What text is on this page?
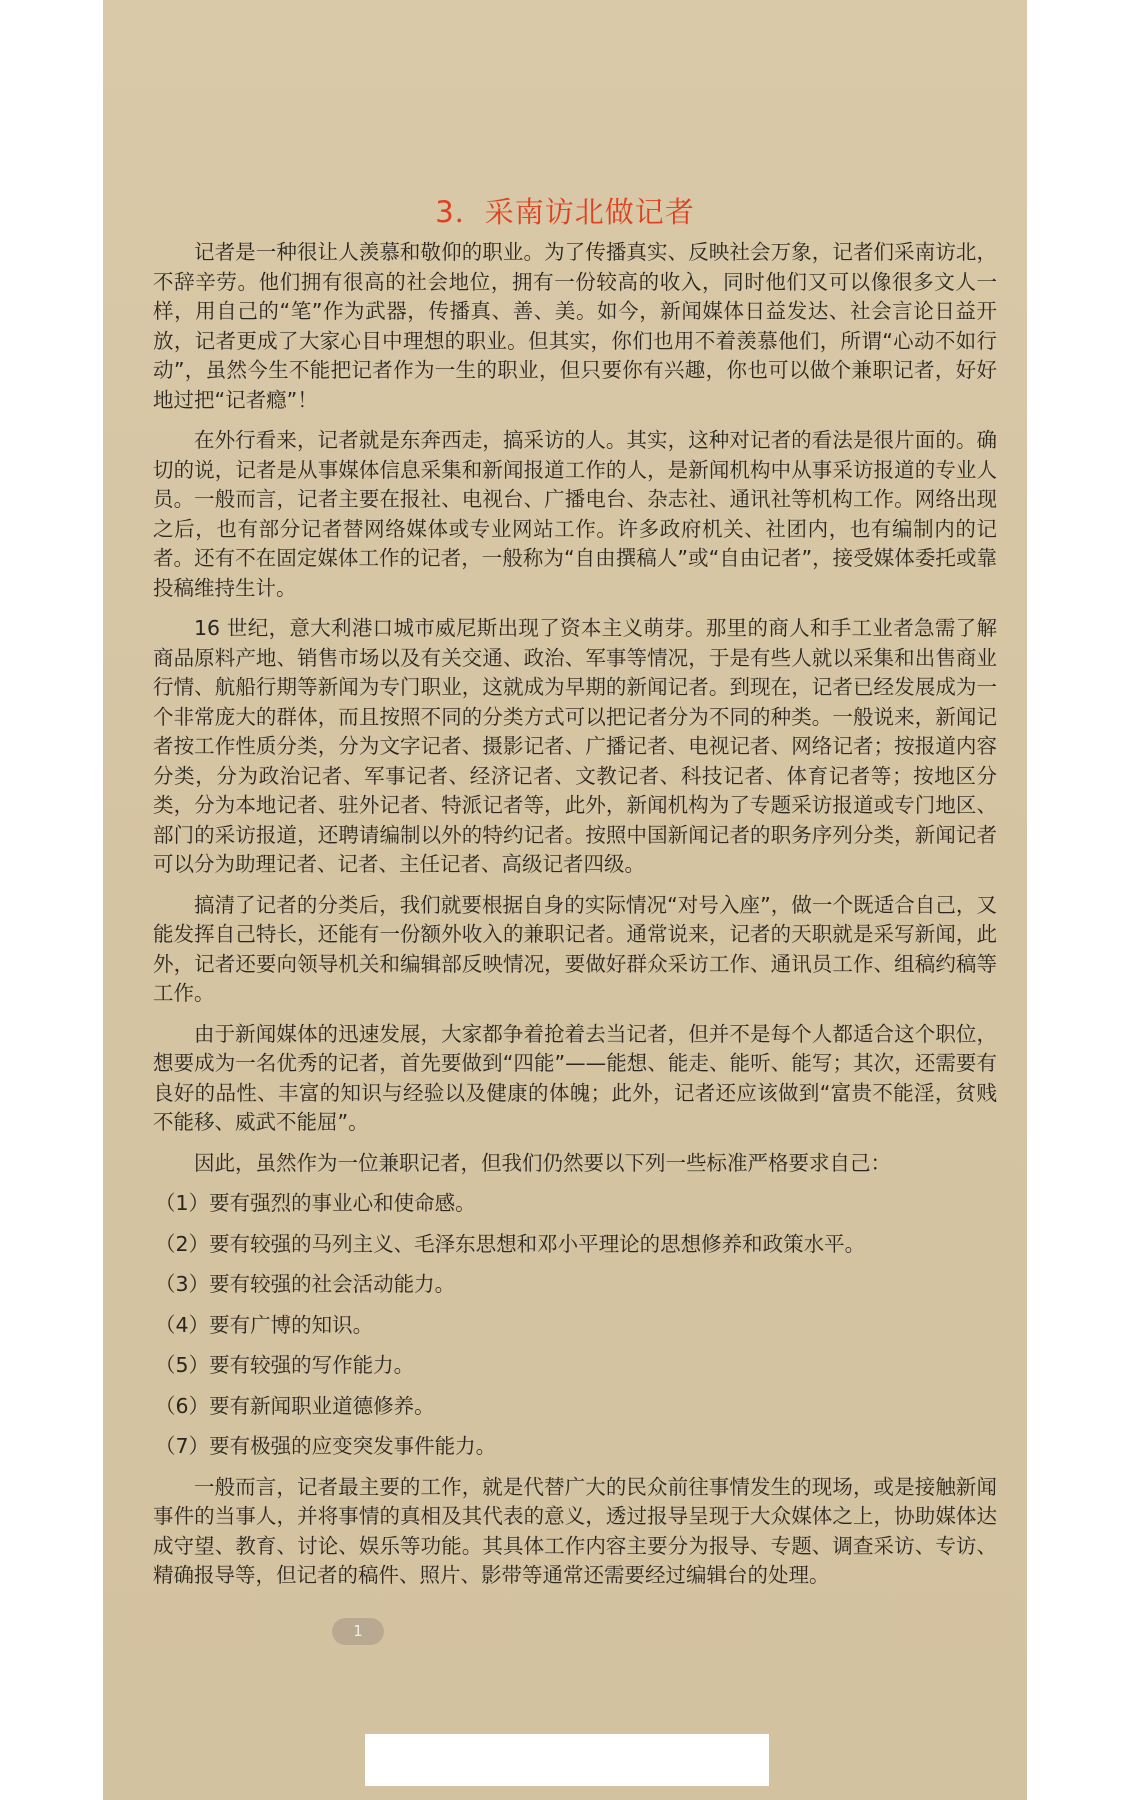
3．采南访北做记者

记者是一种很让人羡慕和敬仰的职业。为了传播真实、反映社会万象，记者们采南访北，不辞辛劳。他们拥有很高的社会地位，拥有一份较高的收入，同时他们又可以像很多文人一样，用自己的“笔”作为武器，传播真、善、美。如今，新闻媒体日益发达、社会言论日益开放，记者更成了大家心目中理想的职业。但其实，你们也用不着羡慕他们，所谓“心动不如行动”，虽然今生不能把记者作为一生的职业，但只要你有兴趣，你也可以做个兼职记者，好好地过把“记者瘾”！

在外行看来，记者就是东奔西走，搞采访的人。其实，这种对记者的看法是很片面的。确切的说，记者是从事媒体信息采集和新闻报道工作的人，是新闻机构中从事采访报道的专业人员。一般而言，记者主要在报社、电视台、广播电台、杂志社、通讯社等机构工作。网络出现之后，也有部分记者替网络媒体或专业网站工作。许多政府机关、社团内，也有编制内的记者。还有不在固定媒体工作的记者，一般称为“自由撰稿人”或“自由记者”，接受媒体委托或靠投稿维持生计。

16 世纪，意大利港口城市威尼斯出现了资本主义萌芽。那里的商人和手工业者急需了解商品原料产地、销售市场以及有关交通、政治、军事等情况，于是有些人就以采集和出售商业行情、航船行期等新闻为专门职业，这就成为早期的新闻记者。到现在，记者已经发展成为一个非常庞大的群体，而且按照不同的分类方式可以把记者分为不同的种类。一般说来，新闻记者按工作性质分类，分为文字记者、摄影记者、广播记者、电视记者、网络记者；按报道内容分类，分为政治记者、军事记者、经济记者、文教记者、科技记者、体育记者等；按地区分类，分为本地记者、驻外记者、特派记者等，此外，新闻机构为了专题采访报道或专门地区、部门的采访报道，还聘请编制以外的特约记者。按照中国新闻记者的职务序列分类，新闻记者可以分为助理记者、记者、主任记者、高级记者四级。

搞清了记者的分类后，我们就要根据自身的实际情况“对号入座”，做一个既适合自己，又能发挥自己特长，还能有一份额外收入的兼职记者。通常说来，记者的天职就是采写新闻，此外，记者还要向领导机关和编辑部反映情况，要做好群众采访工作、通讯员工作、组稿约稿等工作。

由于新闻媒体的迅速发展，大家都争着抢着去当记者，但并不是每个人都适合这个职位，想要成为一名优秀的记者，首先要做到“四能”——能想、能走、能听、能写；其次，还需要有良好的品性、丰富的知识与经验以及健康的体魄；此外，记者还应该做到“富贵不能淫，贫贱不能移、威武不能屈”。

因此，虽然作为一位兼职记者，但我们仍然要以下列一些标准严格要求自己：

（1）要有强烈的事业心和使命感。

（2）要有较强的马列主义、毛泽东思想和邓小平理论的思想修养和政策水平。

（3）要有较强的社会活动能力。

（4）要有广博的知识。

（5）要有较强的写作能力。

（6）要有新闻职业道德修养。

（7）要有极强的应变突发事件能力。

一般而言，记者最主要的工作，就是代替广大的民众前往事情发生的现场，或是接触新闻事件的当事人，并将事情的真相及其代表的意义，透过报导呈现于大众媒体之上，协助媒体达成守望、教育、讨论、娱乐等功能。其具体工作内容主要分为报导、专题、调查采访、专访、精确报导等，但记者的稿件、照片、影带等通常还需要经过编辑台的处理。

1
